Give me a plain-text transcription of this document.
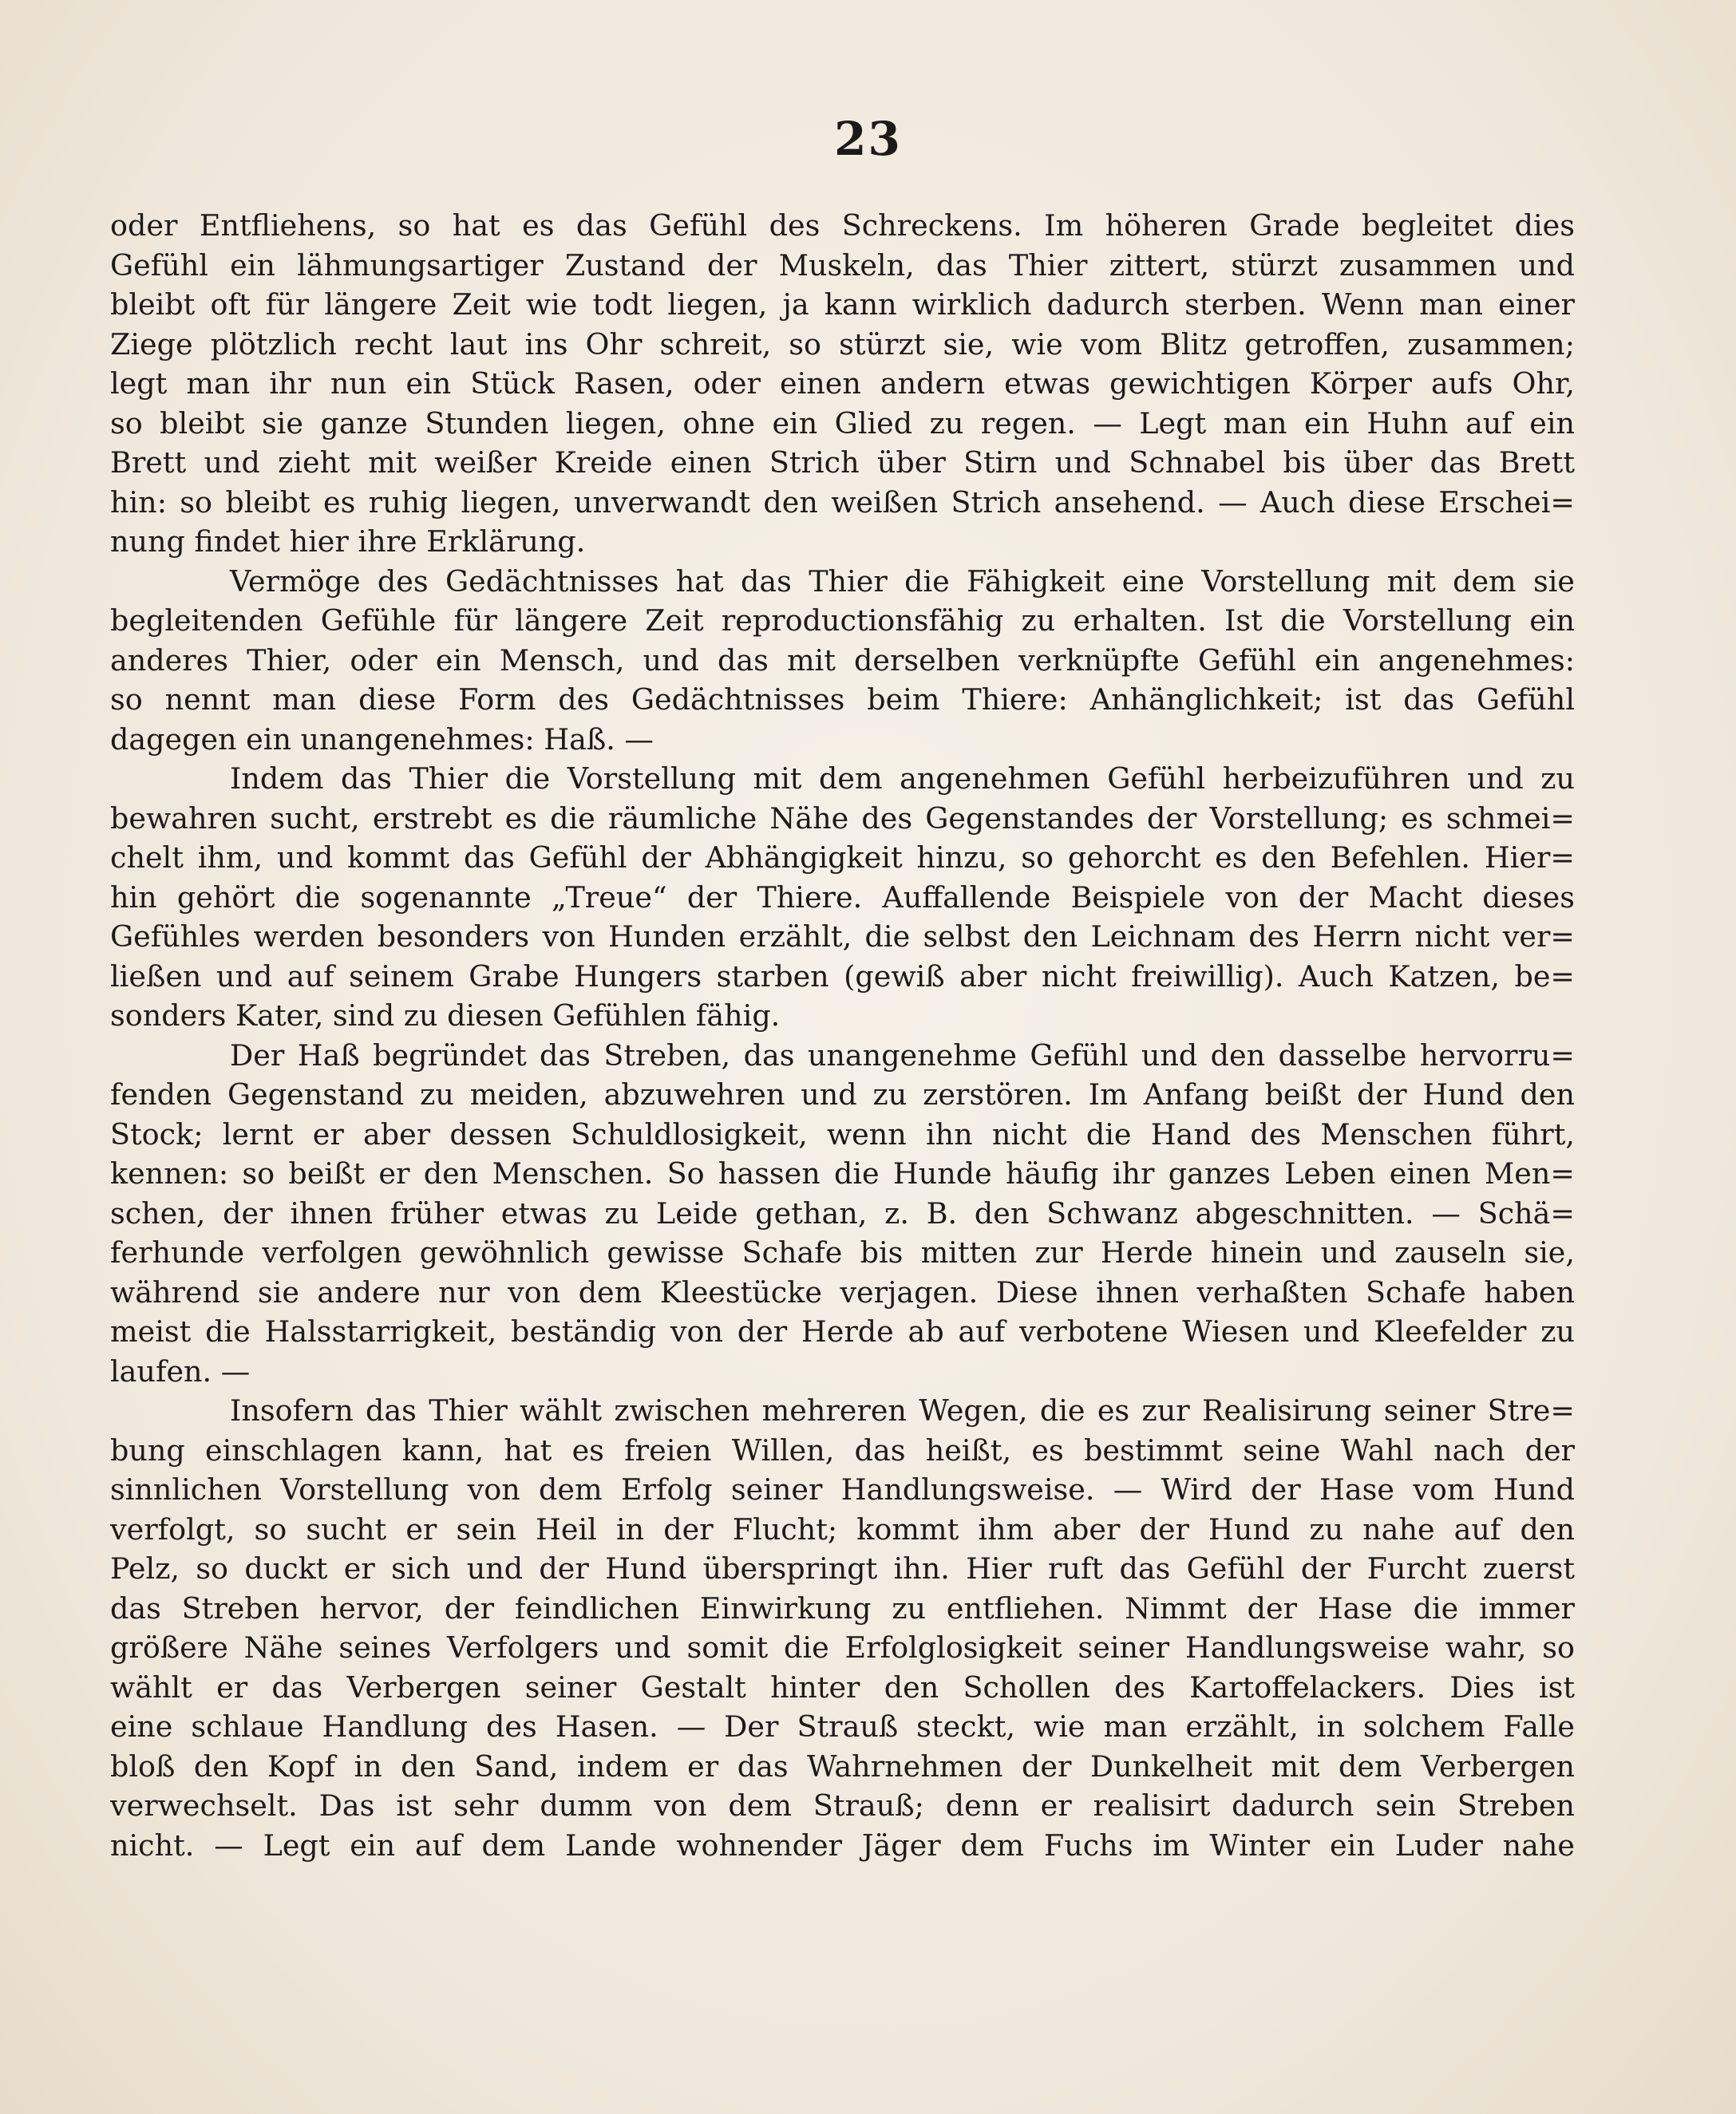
23
oder Entfliehens, so hat es das Gefühl des Schreckens. Im höheren Grade begleitet dies
Gefühl ein lähmungsartiger Zustand der Muskeln, das Thier zittert, stürzt zusammen und
bleibt oft für längere Zeit wie todt liegen, ja kann wirklich dadurch sterben. Wenn man einer
Ziege plötzlich recht laut ins Ohr schreit, so stürzt sie, wie vom Blitz getroffen, zusammen;
legt man ihr nun ein Stück Rasen, oder einen andern etwas gewichtigen Körper aufs Ohr,
so bleibt sie ganze Stunden liegen, ohne ein Glied zu regen. — Legt man ein Huhn auf ein
Brett und zieht mit weißer Kreide einen Strich über Stirn und Schnabel bis über das Brett
hin: so bleibt es ruhig liegen, unverwandt den weißen Strich ansehend. — Auch diese Erschei=
nung findet hier ihre Erklärung.
Vermöge des Gedächtnisses hat das Thier die Fähigkeit eine Vorstellung mit dem sie
begleitenden Gefühle für längere Zeit reproductionsfähig zu erhalten. Ist die Vorstellung ein
anderes Thier, oder ein Mensch, und das mit derselben verknüpfte Gefühl ein angenehmes:
so nennt man diese Form des Gedächtnisses beim Thiere: Anhänglichkeit; ist das Gefühl
dagegen ein unangenehmes: Haß. —
Indem das Thier die Vorstellung mit dem angenehmen Gefühl herbeizuführen und zu
bewahren sucht, erstrebt es die räumliche Nähe des Gegenstandes der Vorstellung; es schmei=
chelt ihm, und kommt das Gefühl der Abhängigkeit hinzu, so gehorcht es den Befehlen. Hier=
hin gehört die sogenannte „Treue“ der Thiere. Auffallende Beispiele von der Macht dieses
Gefühles werden besonders von Hunden erzählt, die selbst den Leichnam des Herrn nicht ver=
ließen und auf seinem Grabe Hungers starben (gewiß aber nicht freiwillig). Auch Katzen, be=
sonders Kater, sind zu diesen Gefühlen fähig.
Der Haß begründet das Streben, das unangenehme Gefühl und den dasselbe hervorru=
fenden Gegenstand zu meiden, abzuwehren und zu zerstören. Im Anfang beißt der Hund den
Stock; lernt er aber dessen Schuldlosigkeit, wenn ihn nicht die Hand des Menschen führt,
kennen: so beißt er den Menschen. So hassen die Hunde häufig ihr ganzes Leben einen Men=
schen, der ihnen früher etwas zu Leide gethan, z. B. den Schwanz abgeschnitten. — Schä=
ferhunde verfolgen gewöhnlich gewisse Schafe bis mitten zur Herde hinein und zauseln sie,
während sie andere nur von dem Kleestücke verjagen. Diese ihnen verhaßten Schafe haben
meist die Halsstarrigkeit, beständig von der Herde ab auf verbotene Wiesen und Kleefelder zu
laufen. —
Insofern das Thier wählt zwischen mehreren Wegen, die es zur Realisirung seiner Stre=
bung einschlagen kann, hat es freien Willen, das heißt, es bestimmt seine Wahl nach der
sinnlichen Vorstellung von dem Erfolg seiner Handlungsweise. — Wird der Hase vom Hund
verfolgt, so sucht er sein Heil in der Flucht; kommt ihm aber der Hund zu nahe auf den
Pelz, so duckt er sich und der Hund überspringt ihn. Hier ruft das Gefühl der Furcht zuerst
das Streben hervor, der feindlichen Einwirkung zu entfliehen. Nimmt der Hase die immer
größere Nähe seines Verfolgers und somit die Erfolglosigkeit seiner Handlungsweise wahr, so
wählt er das Verbergen seiner Gestalt hinter den Schollen des Kartoffelackers. Dies ist
eine schlaue Handlung des Hasen. — Der Strauß steckt, wie man erzählt, in solchem Falle
bloß den Kopf in den Sand, indem er das Wahrnehmen der Dunkelheit mit dem Verbergen
verwechselt. Das ist sehr dumm von dem Strauß; denn er realisirt dadurch sein Streben
nicht. — Legt ein auf dem Lande wohnender Jäger dem Fuchs im Winter ein Luder nahe
